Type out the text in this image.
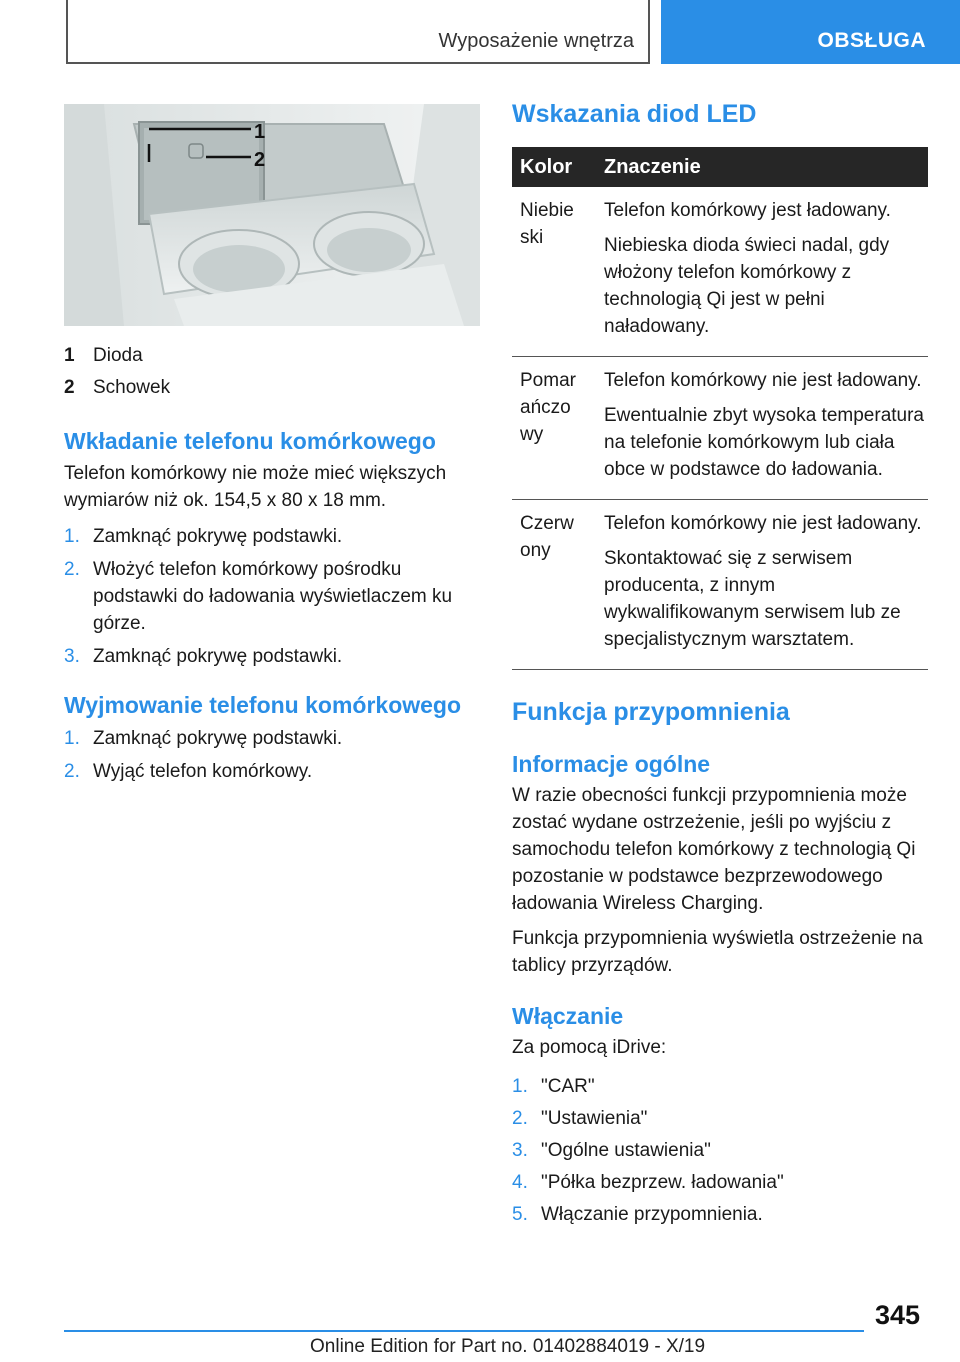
Wyposażenie wnętrza	OBSŁUGA
1
2
1 Dioda
2 Schowek
Wkładanie telefonu komórkowego

Telefon komórkowy nie może mieć większych wymiarów niż ok. 154,5 x 80 x 18 mm.

1. Zamknąć pokrywę podstawki.
2. Włożyć telefon komórkowy pośrodku podstawki do ładowania wyświetlaczem ku górze.
3. Zamknąć pokrywę podstawki.
Wyjmowanie telefonu komórkowego
1. Zamknąć pokrywę podstawki.
2. Wyjąć telefon komórkowy.
Wskazania diod LED
Kolor	Znaczenie

Niebieski	Telefon komórkowy jest ładowany.

Niebieska dioda świeci nadal, gdy włożony telefon komórkowy z technologią Qi jest w pełni naładowany.

Pomarańczowy	Telefon komórkowy nie jest ładowany.

Ewentualnie zbyt wysoka temperatura na telefonie komórkowym lub ciała obce w podstawce do ładowania.

Czerwony	Telefon komórkowy nie jest ładowany.

Skontaktować się z serwisem producenta, z innym wykwalifikowanym serwisem lub ze specjalistycznym warsztatem.

Funkcja przypomnienia
Informacje ogólne

W razie obecności funkcji przypomnienia może zostać wydane ostrzeżenie, jeśli po wyjściu z samochodu telefon komórkowy z technologią Qi pozostanie w podstawce bezprzewodowego ładowania Wireless Charging.

Funkcja przypomnienia wyświetla ostrzeżenie na tablicy przyrządów.

Włączanie

Za pomocą iDrive:

1. "CAR"
2. "Ustawienia"
3. "Ogólne ustawienia"
4. "Półka bezprzew. ładowania"
5. Włączanie przypomnienia.
345
Online Edition for Part no. 01402884019 - X/19
